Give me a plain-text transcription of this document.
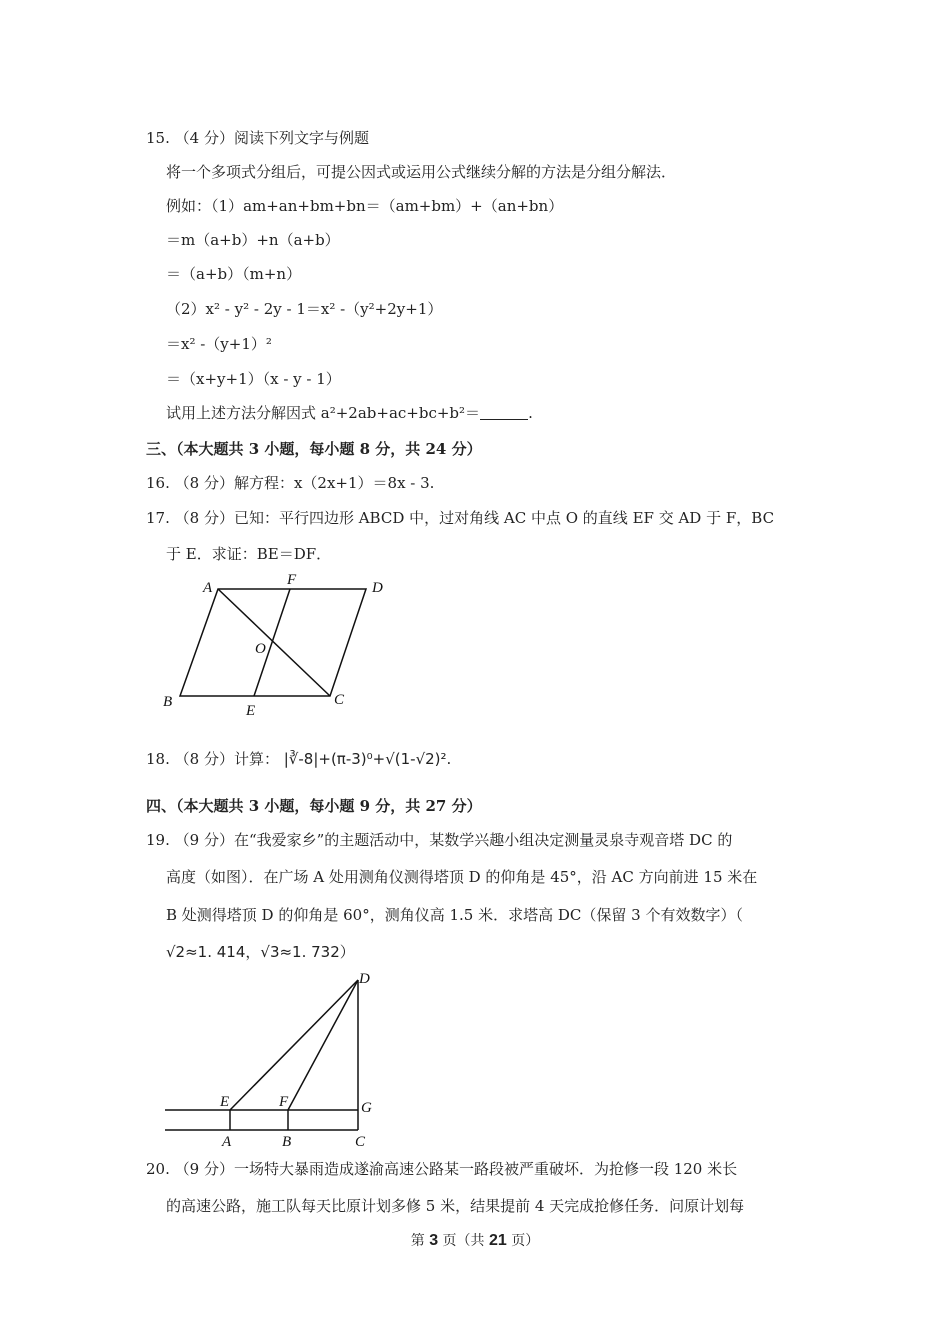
15. （4 分）阅读下列文字与例题
将一个多项式分组后，可提公因式或运用公式继续分解的方法是分组分解法．
例如：（1）am+an+bm+bn＝（am+bm）+（an+bn）
＝m（a+b）+n（a+b）
＝（a+b）（m+n）
（2）x² - y² - 2y - 1＝x² -（y²+2y+1）
＝x² -（y+1）²
＝（x+y+1）（x - y - 1）
试用上述方法分解因式 a²+2ab+ac+bc+b²＝	.
三、（本大题共 3 小题，每小题 8 分，共 24 分）
16. （8 分）解方程：x（2x+1）＝8x - 3.
17. （8 分）已知：平行四边形 ABCD 中，过对角线 AC 中点 O 的直线 EF 交 AD 于 F，BC
于 E．求证：BE＝DF．
A	F	D
O
B
E
C
18. （8 分）计算： |∛-8|+(π-3)⁰+√(1-√2)².
四、（本大题共 3 小题，每小题 9 分，共 27 分）
19. （9 分）在“我爱家乡”的主题活动中，某数学兴趣小组决定测量灵泉寺观音塔 DC 的
高度（如图）．在广场 A 处用测角仪测得塔顶 D 的仰角是 45°，沿 AC 方向前进 15 米在
B 处测得塔顶 D 的仰角是 60°，测角仪高 1.5 米．求塔高 DC（保留 3 个有效数字）（
√2≈1. 414，√3≈1. 732）
D
E	F	G
A	B	C
20. （9 分）一场特大暴雨造成遂渝高速公路某一路段被严重破坏．为抢修一段 120 米长
的高速公路，施工队每天比原计划多修 5 米，结果提前 4 天完成抢修任务．问原计划每
第 3 页（共 21 页）
